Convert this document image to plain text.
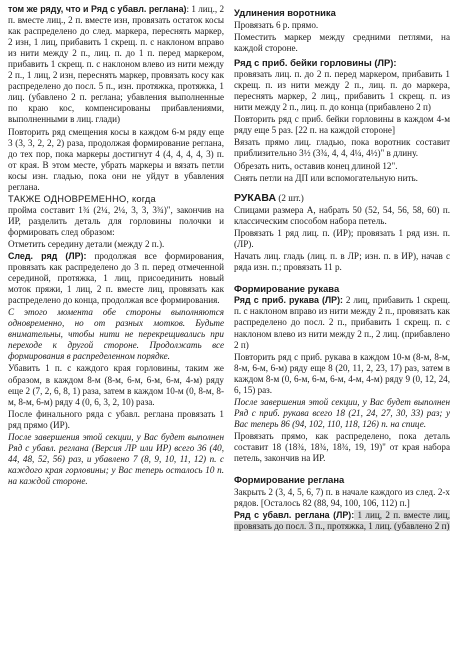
том же ряду, что и Ряд с убавл. реглана): 1 лиц., 2 п. вместе лиц., 2 п. вместе изн, провязать остаток косы как распределено до след. маркера, переснять маркер, 2 изн, 1 лиц, прибавить 1 скрещ. п. с наклоном вправо из нити между 2 п., лиц. п. до 1 п. перед маркером, прибавить 1 скрещ. п. с наклоном влево из нити между 2 п., 1 лиц, 2 изн, переснять маркер, провязать косу как распределено до посл. 5 п., изн. протяжка, протяжка, 1 лиц. (убавлено 2 п. реглана; убавления выполненные по краю кос, компенсированы прибавлениями, выполненными в лиц. глади)

Повторить ряд смещения косы в каждом 6-м ряду еще 3 (3, 3, 2, 2, 2) раза, продолжая формирование реглана, до тех пор, пока маркеры достигнут 4 (4, 4, 4, 4, 3) п. от края. В этом месте, убрать маркеры и вязать петли косы изн. гладью, пока они не уйдут в убавления реглана.

ТАКЖЕ ОДНОВРЕМЕННО, когда

пройма составит 1¾ (2¼, 2¼, 3, 3, 3¾)", закончив на ИР, разделить деталь для горловины полочки и формировать след образом:

Отметить середину детали (между 2 п.).

След. ряд (ЛР): продолжая все формирования, провязать как распределено до 3 п. перед отмеченной серединой, протяжка, 1 лиц, присоединить новый моток пряжи, 1 лиц, 2 п. вместе лиц, провязать как распределено до конца, продолжая все формирования.

С этого момента обе стороны выполняются одновременно, но от разных мотков. Будьте внимательны, чтобы нити не перекрещивались при переходе к другой стороне. Продолжать все формирования в распределенном порядке.

Убавить 1 п. с каждого края горловины, таким же образом, в каждом 8-м (8-м, 6-м, 6-м, 6-м, 4-м) ряду еще 2 (7, 2, 6, 8, 1) раза, затем в каждом 10-м (0, 8-м, 8-м, 8-м, 6-м) ряду 4 (0, 6, 3, 2, 10) раза.

После финального ряда с убавл. реглана провязать 1 ряд прямо (ИР).

После завершения этой секции, у Вас будет выполнен Ряд с убавл. реглана (Версия ЛР или ИР) всего 36 (40, 44, 48, 52, 56) раз, и убавлено 7 (8, 9, 10, 11, 12) п. с каждого края горловины; у Вас теперь осталось 10 п. на каждой стороне.

Удлинения воротника

Провязать 6 р. прямо.

Поместить маркер между средними петлями, на каждой стороне.

Ряд с приб. бейки горловины (ЛР):

провязать лиц. п. до 2 п. перед маркером, прибавить 1 скрещ. п. из нити между 2 п., лиц. п. до маркера, переснять маркер, 2 лиц., прибавить 1 скрещ. п. из нити между 2 п., лиц. п. до конца (прибавлено 2 п)

Повторить ряд с приб. бейки горловины в каждом 4-м ряду еще 5 раз. [22 п. на каждой стороне]

Вязать прямо лиц. гладью, пока воротник составит приблизительно 3½ (3¾, 4, 4, 4¼, 4½)" в длину.

Обрезать нить, оставив конец длиной 12".

Снять петли на ДП или вспомогательную нить.

РУКАВА (2 шт.)

Спицами размера A, набрать 50 (52, 54, 56, 58, 60) п. классическим способом набора петель.

Провязать 1 ряд лиц. п. (ИР); провязать 1 ряд изн. п. (ЛР).

Начать лиц. гладь (лиц. п. в ЛР; изн. п. в ИР), начав с ряда изн. п.; провязать 11 р.

Формирование рукава

Ряд с приб. рукава (ЛР): 2 лиц, прибавить 1 скрещ. п. с наклоном вправо из нити между 2 п., провязать как распределено до посл. 2 п., прибавить 1 скрещ. п. с наклоном влево из нити между 2 п., 2 лиц. (прибавлено 2 п)

Повторить ряд с приб. рукава в каждом 10-м (8-м, 8-м, 8-м, 6-м, 6-м) ряду еще 8 (20, 11, 2, 23, 17) раз, затем в каждом 8-м (0, 6-м, 6-м, 6-м, 4-м, 4-м) ряду 9 (0, 12, 24, 6, 15) раз.

После завершения этой секции, у Вас будет выполнен Ряд с приб. рукава всего 18 (21, 24, 27, 30, 33) раз; у Вас теперь 86 (94, 102, 110, 118, 126) п. на спице.

Провязать прямо, как распределено, пока деталь составит 18 (18¾, 18¾, 18¾, 19, 19)" от края набора петель, закончив на ИР.

Формирование реглана

Закрыть 2 (3, 4, 5, 6, 7) п. в начале каждого из след. 2-х рядов. [Осталось 82 (88, 94, 100, 106, 112) п.]

Ряд с убавл. реглана (ЛР): 1 лиц, 2 п. вместе лиц, провязать до посл. 3 п., протяжка, 1 лиц. (убавлено 2 п)
